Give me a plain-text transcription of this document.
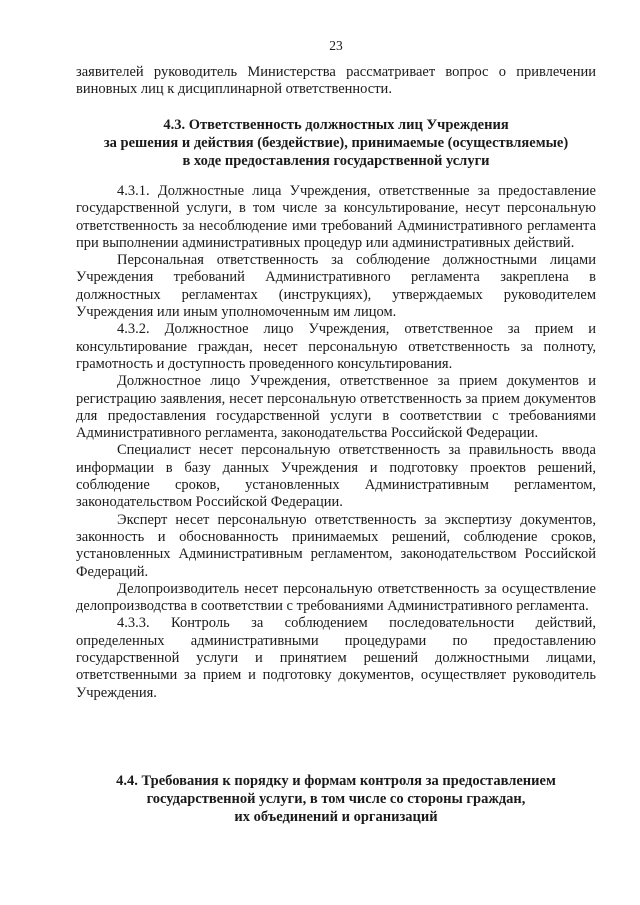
23

заявителей руководитель Министерства рассматривает вопрос о привлечении виновных лиц к дисциплинарной ответственности.

4.3. Ответственность должностных лиц Учреждения
за решения и действия (бездействие), принимаемые (осуществляемые)
в ходе предоставления государственной услуги

4.3.1. Должностные лица Учреждения, ответственные за предоставление государственной услуги, в том числе за консультирование, несут персональную ответственность за несоблюдение ими требований Административного регламента при выполнении административных процедур или административных действий.

Персональная ответственность за соблюдение должностными лицами Учреждения требований Административного регламента закреплена в должностных регламентах (инструкциях), утверждаемых руководителем Учреждения или иным уполномоченным им лицом.

4.3.2. Должностное лицо Учреждения, ответственное за прием и консультирование граждан, несет персональную ответственность за полноту, грамотность и доступность проведенного консультирования.

Должностное лицо Учреждения, ответственное за прием документов и регистрацию заявления, несет персональную ответственность за прием документов для предоставления государственной услуги в соответствии с требованиями Административного регламента, законодательства Российской Федерации.

Специалист несет персональную ответственность за правильность ввода информации в базу данных Учреждения и подготовку проектов решений, соблюдение сроков, установленных Административным регламентом, законодательством Российской Федерации.

Эксперт несет персональную ответственность за экспертизу документов, законность и обоснованность принимаемых решений, соблюдение сроков, установленных Административным регламентом, законодательством Российской Федераций.

Делопроизводитель несет персональную ответственность за осуществление делопроизводства в соответствии с требованиями Административного регламента.

4.3.3. Контроль за соблюдением последовательности действий, определенных административными процедурами по предоставлению государственной услуги и принятием решений должностными лицами, ответственными за прием и подготовку документов, осуществляет руководитель Учреждения.

4.4. Требования к порядку и формам контроля за предоставлением
государственной услуги, в том числе со стороны граждан,
их объединений и организаций
